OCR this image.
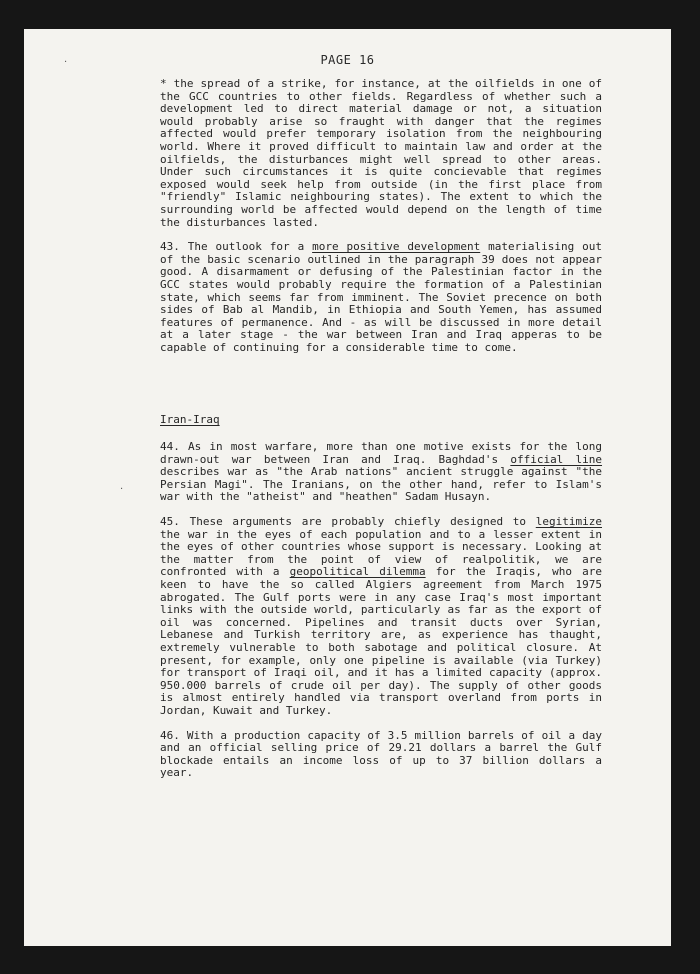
PAGE 16
·
·

* the spread of a strike, for instance, at the oilfields in one of the GCC countries to other fields. Regardless of whether such a development led to direct material damage or not, a situation would probably arise so fraught with danger that the regimes affected would prefer temporary isolation from the neighbouring world. Where it proved difficult to maintain law and order at the oilfields, the disturbances might well spread to other areas. Under such circumstances it is quite concievable that regimes exposed would seek help from outside (in the first place from "friendly" Islamic neighbouring states). The extent to which the surrounding world be affected would depend on the length of time the disturbances lasted.

43. The outlook for a more positive development materialising out of the basic scenario outlined in the paragraph 39 does not appear good. A disarmament or defusing of the Palestinian factor in the GCC states would probably require the formation of a Palestinian state, which seems far from imminent. The Soviet precence on both sides of Bab al Mandib, in Ethiopia and South Yemen, has assumed features of permanence. And - as will be discussed in more detail at a later stage - the war between Iran and Iraq apperas to be capable of continuing for a considerable time to come.

Iran-Iraq

44. As in most warfare, more than one motive exists for the long drawn-out war between Iran and Iraq. Baghdad's official line describes war as "the Arab nations" ancient struggle against "the Persian Magi". The Iranians, on the other hand, refer to Islam's war with the "atheist" and "heathen" Sadam Husayn.

45. These arguments are probably chiefly designed to legitimize the war in the eyes of each population and to a lesser extent in the eyes of other countries whose support is necessary. Looking at the matter from the point of view of realpolitik, we are confronted with a geopolitical dilemma for the Iraqis, who are keen to have the so called Algiers agreement from March 1975 abrogated. The Gulf ports were in any case Iraq's most important links with the outside world, particularly as far as the export of oil was concerned. Pipelines and transit ducts over Syrian, Lebanese and Turkish territory are, as experience has thaught, extremely vulnerable to both sabotage and political closure. At present, for example, only one pipeline is available (via Turkey) for transport of Iraqi oil, and it has a limited capacity (approx. 950.000 barrels of crude oil per day). The supply of other goods is almost entirely handled via transport overland from ports in Jordan, Kuwait and Turkey.

46. With a production capacity of 3.5 million barrels of oil a day and an official selling price of 29.21 dollars a barrel the Gulf blockade entails an income loss of up to 37 billion dollars a year.
